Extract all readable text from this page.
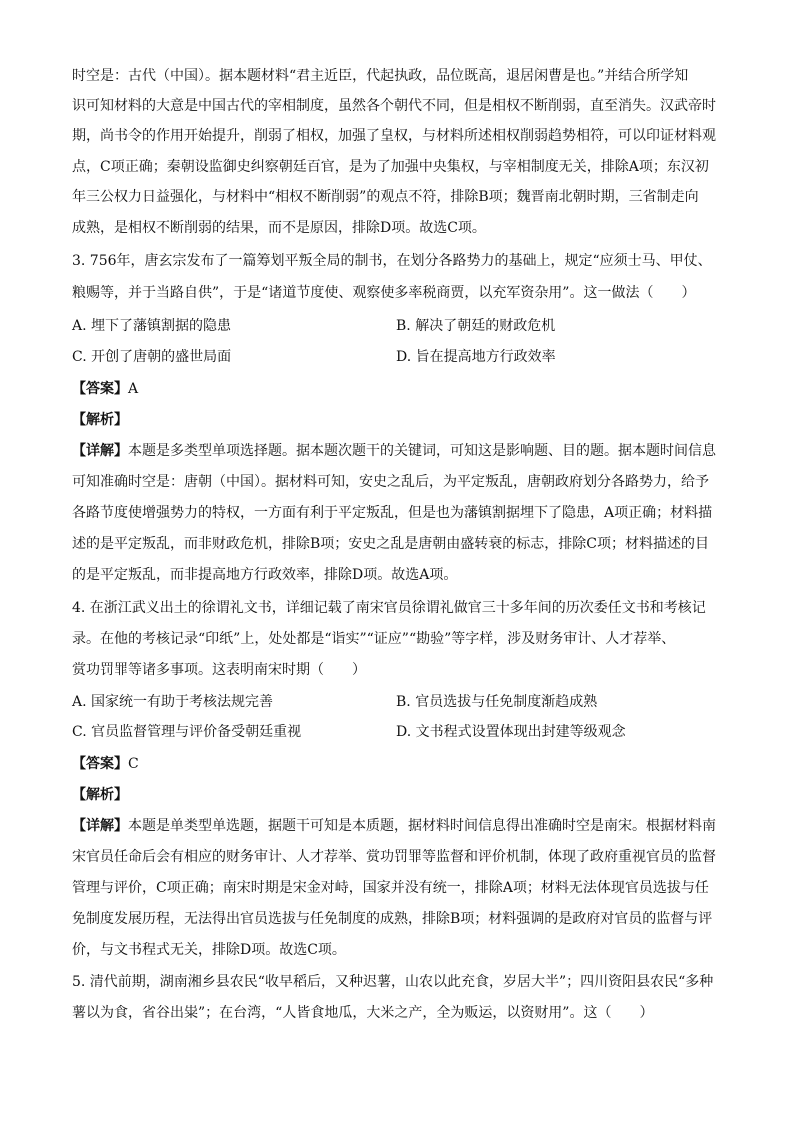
时空是：古代（中国）。据本题材料“君主近臣，代起执政，品位既高，退居闲曹是也。”并结合所学知
识可知材料的大意是中国古代的宰相制度，虽然各个朝代不同，但是相权不断削弱，直至消失。汉武帝时
期，尚书令的作用开始提升，削弱了相权，加强了皇权，与材料所述相权削弱趋势相符，可以印证材料观
点，C项正确；秦朝设监御史纠察朝廷百官，是为了加强中央集权，与宰相制度无关，排除A项；东汉初
年三公权力日益强化，与材料中“相权不断削弱”的观点不符，排除B项；魏晋南北朝时期，三省制走向
成熟，是相权不断削弱的结果，而不是原因，排除D项。故选C项。
3. 756年，唐玄宗发布了一篇筹划平叛全局的制书，在划分各路势力的基础上，规定“应须士马、甲仗、
粮赐等，并于当路自供”，于是“诸道节度使、观察使多率税商贾，以充军资杂用”。这一做法（　　）
A. 埋下了藩镇割据的隐患	B. 解决了朝廷的财政危机
C. 开创了唐朝的盛世局面	D. 旨在提高地方行政效率
【答案】A
【解析】
【详解】本题是多类型单项选择题。据本题次题干的关键词，可知这是影响题、目的题。据本题时间信息
可知准确时空是：唐朝（中国）。据材料可知，安史之乱后，为平定叛乱，唐朝政府划分各路势力，给予
各路节度使增强势力的特权，一方面有利于平定叛乱，但是也为藩镇割据埋下了隐患，A项正确；材料描
述的是平定叛乱，而非财政危机，排除B项；安史之乱是唐朝由盛转衰的标志，排除C项；材料描述的目
的是平定叛乱，而非提高地方行政效率，排除D项。故选A项。
4. 在浙江武义出土的徐谓礼文书，详细记载了南宋官员徐谓礼做官三十多年间的历次委任文书和考核记
录。在他的考核记录“印纸”上，处处都是“诣实”“证应”“勘验”等字样，涉及财务审计、人才荐举、
赏功罚罪等诸多事项。这表明南宋时期（　　）
A. 国家统一有助于考核法规完善	B. 官员选拔与任免制度渐趋成熟
C. 官员监督管理与评价备受朝廷重视	D. 文书程式设置体现出封建等级观念
【答案】C
【解析】
【详解】本题是单类型单选题，据题干可知是本质题，据材料时间信息得出准确时空是南宋。根据材料南
宋官员任命后会有相应的财务审计、人才荐举、赏功罚罪等监督和评价机制，体现了政府重视官员的监督
管理与评价，C项正确；南宋时期是宋金对峙，国家并没有统一，排除A项；材料无法体现官员选拔与任
免制度发展历程，无法得出官员选拔与任免制度的成熟，排除B项；材料强调的是政府对官员的监督与评
价，与文书程式无关，排除D项。故选C项。
5. 清代前期，湖南湘乡县农民“收早稻后，又种迟薯，山农以此充食，岁居大半”；四川资阳县农民“多种
薯以为食，省谷出粜”；在台湾，“人皆食地瓜，大米之产，全为贩运，以资财用”。这（　　）
